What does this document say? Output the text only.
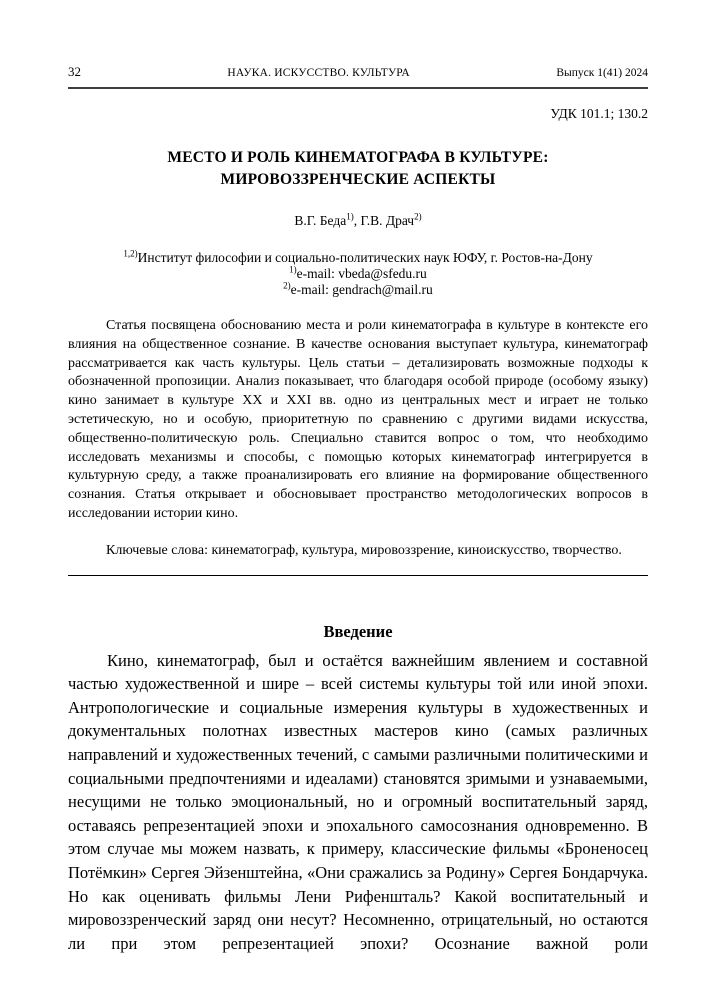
32	НАУКА. ИСКУССТВО. КУЛЬТУРА	Выпуск 1(41) 2024
УДК 101.1; 130.2
МЕСТО И РОЛЬ КИНЕМАТОГРАФА В КУЛЬТУРЕ:
МИРОВОЗЗРЕНЧЕСКИЕ АСПЕКТЫ
В.Г. Беда$^{1)}$, Г.В. Драч$^{2)}$
$^{1,2)}$Институт философии и социально-политических наук ЮФУ, г. Ростов-на-Дону
$^{1)}$e-mail: vbeda@sfedu.ru
$^{2)}$e-mail: gendrach@mail.ru

Статья посвящена обоснованию места и роли кинематографа в культуре в контексте его влияния на общественное сознание. В качестве основания выступает культура, кинематограф рассматривается как часть культуры. Цель статьи – детализировать возможные подходы к обозначенной пропозиции. Анализ показывает, что благодаря особой природе (особому языку) кино занимает в культуре XX и XXI вв. одно из центральных мест и играет не только эстетическую, но и особую, приоритетную по сравнению с другими видами искусства, общественно-политическую роль. Специально ставится вопрос о том, что необходимо исследовать механизмы и способы, с помощью которых кинематограф интегрируется в культурную среду, а также проанализировать его влияние на формирование общественного сознания. Статья открывает и обосновывает пространство методологических вопросов в исследовании истории кино.

Ключевые слова: кинематограф, культура, мировоззрение, киноискусство, творчество.

Введение

Кино, кинематограф, был и остаётся важнейшим явлением и составной частью художественной и шире – всей системы культуры той или иной эпохи. Антропологические и социальные измерения культуры в художественных и документальных полотнах известных мастеров кино (самых различных направлений и художественных течений, с самыми различными политическими и социальными предпочтениями и идеалами) становятся зримыми и узнаваемыми, несущими не только эмоциональный, но и огромный воспитательный заряд, оставаясь репрезентацией эпохи и эпохального самосознания одновременно. В этом случае мы можем назвать, к примеру, классические фильмы «Броненосец Потёмкин» Сергея Эйзенштейна, «Они сражались за Родину» Сергея Бондарчука. Но как оценивать фильмы Лени Рифеншталь? Какой воспитательный и мировоззренческий заряд они несут? Несомненно, отрицательный, но остаются ли при этом репрезентацией эпохи? Осознание важной роли
